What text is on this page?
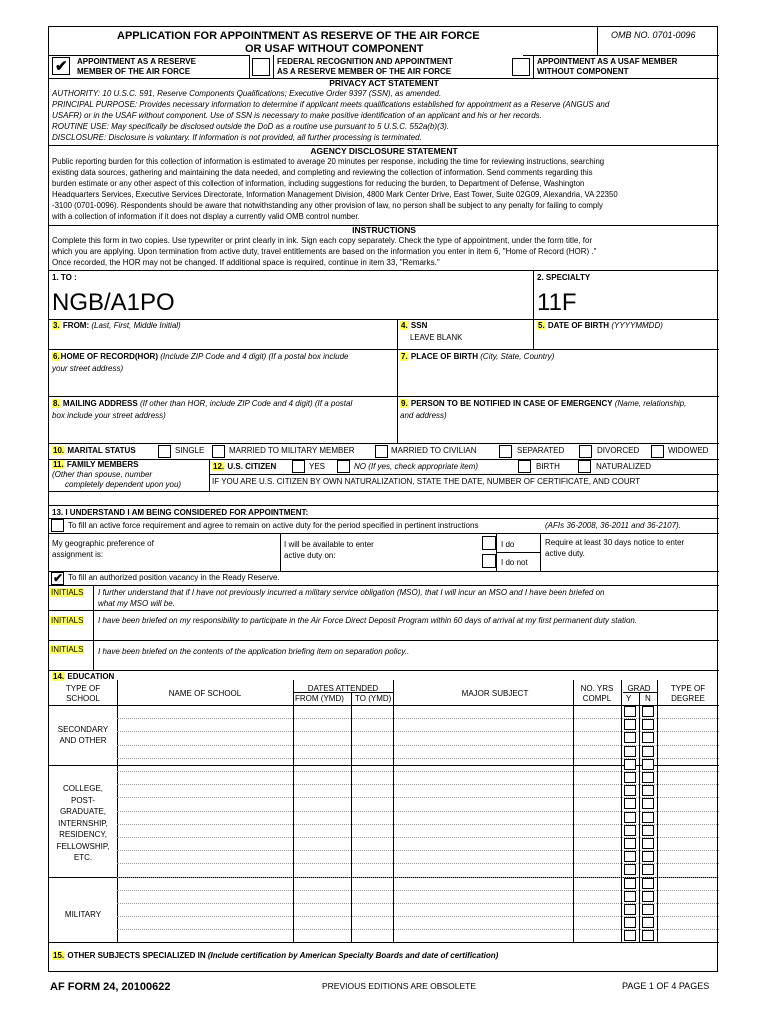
APPLICATION FOR APPOINTMENT AS RESERVE OF THE AIR FORCE
OR USAF WITHOUT COMPONENT
OMB NO. 0701-0096
✔ APPOINTMENT AS A RESERVE
MEMBER OF THE AIR FORCE
FEDERAL RECOGNITION AND APPOINTMENT
AS A RESERVE MEMBER OF THE AIR FORCE
APPOINTMENT AS A USAF MEMBER
WITHOUT COMPONENT
PRIVACY ACT STATEMENT
AUTHORITY: 10 U.S.C. 591, Reserve Components Qualifications; Executive Order 9397 (SSN), as amended.
PRINCIPAL PURPOSE: Provides necessary information to determine if applicant meets qualifications established for appointment as a Reserve (ANGUS and
USAFR) or in the USAF without component. Use of SSN is necessary to make positive identification of an applicant and his or her records.
ROUTINE USE: May specifically be disclosed outside the DoD as a routine use pursuant to 5 U.S.C. 552a(b)(3).
DISCLOSURE: Disclosure is voluntary. If information is not provided, all further processing is terminated.
AGENCY DISCLOSURE STATEMENT
Public reporting burden for this collection of information is estimated to average 20 minutes per response, including the time for reviewing instructions, searching
existing data sources, gathering and maintaining the data needed, and completing and reviewing the collection of information. Send comments regarding this
burden estimate or any other aspect of this collection of information, including suggestions for reducing the burden, to Department of Defense, Washington
Headquarters Services, Executive Services Directorate, Information Management Division, 4800 Mark Center Drive, East Tower, Suite 02G09, Alexandria, VA 22350
-3100 (0701-0096). Respondents should be aware that notwithstanding any other provision of law, no person shall be subject to any penalty for failing to comply
with a collection of information if it does not display a currently valid OMB control number.
INSTRUCTIONS
Complete this form in two copies. Use typewriter or print clearly in ink. Sign each copy separately. Check the type of appointment, under the form title, for
which you are applying. Upon termination from active duty, travel entitlements are based on the information you enter in item 6, "Home of Record (HOR) ."
Once recorded, the HOR may not be changed. If additional space is required, continue in item 33, "Remarks."
1. TO :
NGB/A1PO
2. SPECIALTY
11F
3. FROM: (Last, First, Middle Initial)	4. SSN
LEAVE BLANK
5. DATE OF BIRTH (YYYYMMDD)
6.HOME OF RECORD(HOR) (Include ZIP Code and 4 digit) (If a postal box include
your street address)
7. PLACE OF BIRTH (City, State, Country)
8. MAILING ADDRESS (If other than HOR, include ZIP Code and 4 digit) (If a postal
box include your street address)
9. PERSON TO BE NOTIFIED IN CASE OF EMERGENCY (Name, relationship,
and address)
10. MARITAL STATUS	SINGLE	MARRIED TO MILITARY MEMBER	MARRIED TO CIVILIAN	SEPARATED	DIVORCED	WIDOWED
11. FAMILY MEMBERS
(Other than spouse, number
completely dependent upon you)
12. U.S. CITIZEN	YES	NO (If yes, check appropriate item)	BIRTH	NATURALIZED
IF YOU ARE U.S. CITIZEN BY OWN NATURALIZATION, STATE THE DATE, NUMBER OF CERTIFICATE, AND COURT
13. I UNDERSTAND I AM BEING CONSIDERED FOR APPOINTMENT:
To fill an active force requirement and agree to remain on active duty for the period specified in pertinent instructions	(AFIs 36-2008, 36-2011 and 36-2107).
My geographic preference of
assignment is:
I will be available to enter
active duty on:
I do
I do not
Require at least 30 days notice to enter
active duty.
✔ To fill an authorized position vacancy in the Ready Reserve.
INITIALS I further understand that if I have not previously incurred a military service obligation (MSO), that I will incur an MSO and I have been briefed on
what my MSO will be.
INITIALS I have been briefed on my responsibility to participate in the Air Force Direct Deposit Program within 60 days of arrival at my first permanent duty station.
INITIALS I have been briefed on the contents of the application briefing item on separation policy..
14. EDUCATION
TYPE OF
SCHOOL
NAME OF SCHOOL
DATES ATTENDED
FROM (YMD) TO (YMD)
MAJOR SUBJECT
NO. YRS
COMPL
GRAD
Y N
TYPE OF
DEGREE
SECONDARY
AND OTHER
COLLEGE,
POST-
GRADUATE,
INTERNSHIP,
RESIDENCY,
FELLOWSHIP,
ETC.
MILITARY
15. OTHER SUBJECTS SPECIALIZED IN (Include certification by American Specialty Boards and date of certification)
AF FORM 24, 20100622	PREVIOUS EDITIONS ARE OBSOLETE	PAGE 1 OF 4 PAGES
